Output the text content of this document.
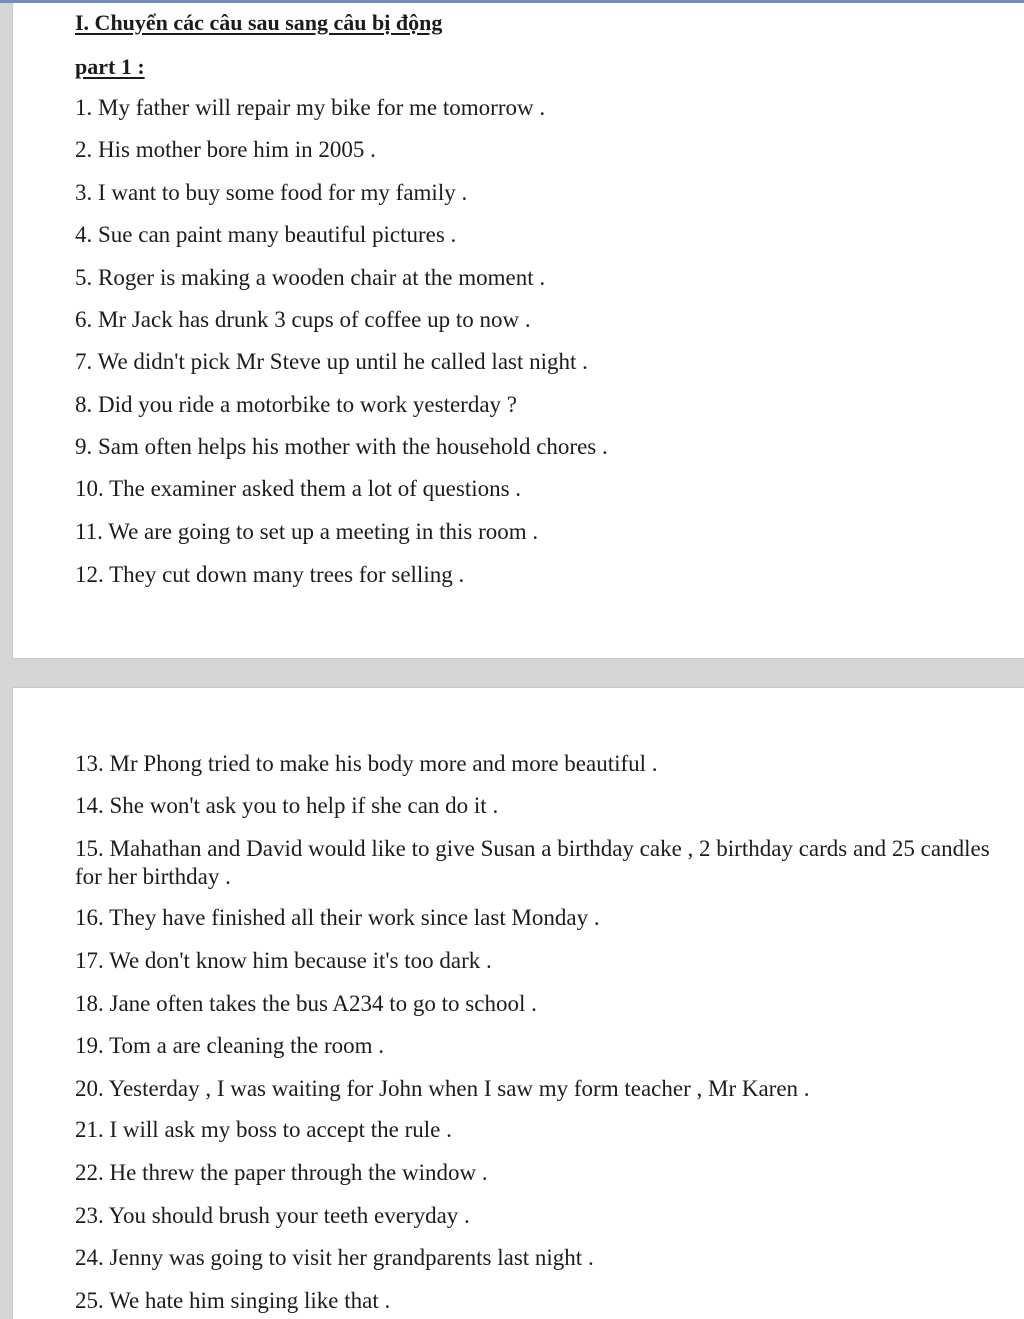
I. Chuyển các câu sau sang câu bị động

part 1 :

1. My father will repair my bike for me tomorrow .

2. His mother bore him in 2005 .

3. I want to buy some food for my family .

4. Sue can paint many beautiful pictures .

5. Roger is making a wooden chair at the moment .

6. Mr Jack has drunk 3 cups of coffee up to now .

7. We didn't pick Mr Steve up until he called last night .

8. Did you ride a motorbike to work yesterday ?

9. Sam often helps his mother with the household chores .

10. The examiner asked them a lot of questions .

11. We are going to set up a meeting in this room .

12. They cut down many trees for selling .

13. Mr Phong tried to make his body more and more beautiful .

14. She won't ask you to help if she can do it .

15. Mahathan and David would like to give Susan a birthday cake , 2 birthday cards and 25 candles for her birthday .

16. They have finished all their work since last Monday .

17. We don't know him because it's too dark .

18. Jane often takes the bus A234 to go to school .

19. Tom a are cleaning the room .

20. Yesterday , I was waiting for John when I saw my form teacher , Mr Karen .

21. I will ask my boss to accept the rule .

22. He threw the paper through the window .

23. You should brush your teeth everyday .

24. Jenny was going to visit her grandparents last night .

25. We hate him singing like that .
